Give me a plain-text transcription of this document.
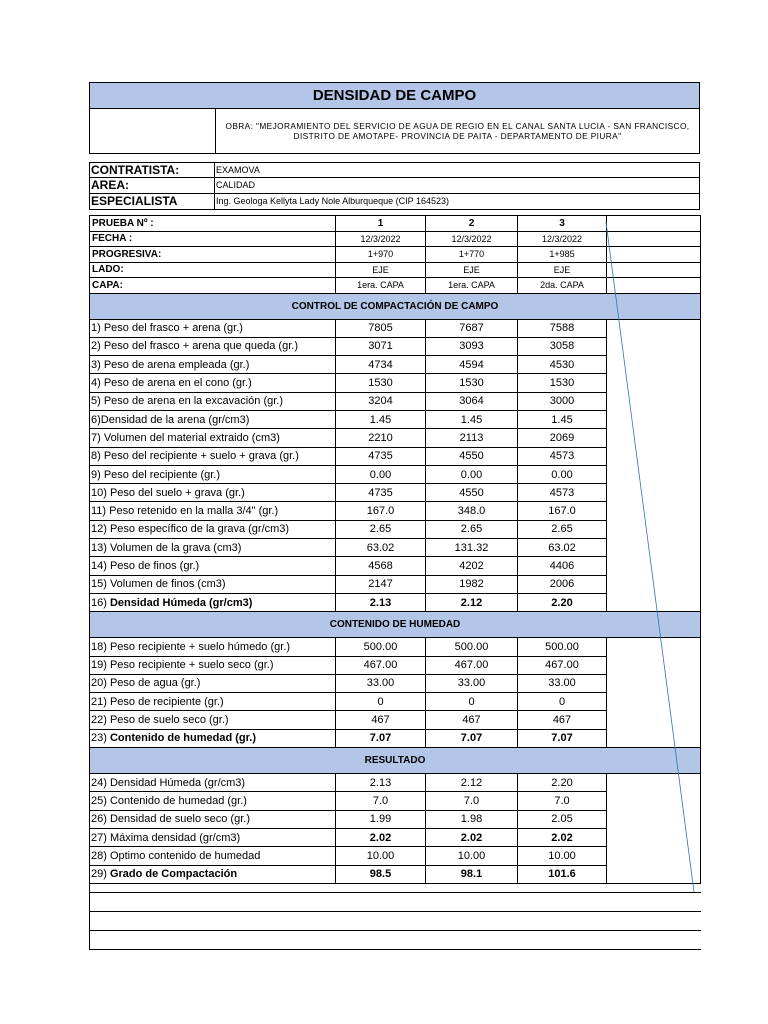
DENSIDAD DE CAMPO
OBRA: "MEJORAMIENTO DEL SERVICIO DE AGUA DE REGIO EN EL CANAL SANTA LUCIA - SAN FRANCISCO, DISTRITO DE AMOTAPE- PROVINCIA DE PAITA - DEPARTAMENTO DE PIURA"
CONTRATISTA:	EXAMOVA
AREA:	CALIDAD
ESPECIALISTA	Ing. Geologa Kellyta Lady Nole Alburqueque (CIP 164523)
PRUEBA Nº :	1	2	3	
FECHA :	12/3/2022	12/3/2022	12/3/2022	
PROGRESIVA:	1+970	1+770	1+985	
LADO:	EJE	EJE	EJE	
CAPA:	1era. CAPA	1era. CAPA	2da. CAPA	
CONTROL DE COMPACTACIÓN DE CAMPO				
1) Peso del frasco + arena (gr.)	7805	7687	7588	
2) Peso del frasco + arena que queda (gr.)	3071	3093	3058	
3) Peso de arena empleada (gr.)	4734	4594	4530	
4) Peso de arena en el cono (gr.)	1530	1530	1530	
5) Peso de arena en la excavación (gr.)	3204	3064	3000	
6)Densidad de la arena (gr/cm3)	1.45	1.45	1.45	
7) Volumen del material extraido (cm3)	2210	2113	2069	
8) Peso del recipiente + suelo + grava (gr.)	4735	4550	4573	
9) Peso del recipiente (gr.)	0.00	0.00	0.00	
10) Peso del suelo + grava (gr.)	4735	4550	4573	
11) Peso retenido en la malla 3/4" (gr.)	167.0	348.0	167.0	
12) Peso específico de la grava (gr/cm3)	2.65	2.65	2.65	
13) Volumen de la grava (cm3)	63.02	131.32	63.02	
14) Peso de finos (gr.)	4568	4202	4406	
15) Volumen de finos (cm3)	2147	1982	2006	
16) Densidad Húmeda (gr/cm3)	2.13	2.12	2.20	
CONTENIDO DE HUMEDAD				
18) Peso recipiente + suelo húmedo (gr.)	500.00	500.00	500.00	
19) Peso recipiente + suelo seco (gr.)	467.00	467.00	467.00	
20) Peso de agua (gr.)	33.00	33.00	33.00	
21) Peso de recipiente (gr.)	0	0	0	
22) Peso de suelo seco (gr.)	467	467	467	
23) Contenido de humedad (gr.)	7.07	7.07	7.07	
RESULTADO				
24) Densidad Húmeda (gr/cm3)	2.13	2.12	2.20	
25) Contenido de humedad (gr.)	7.0	7.0	7.0	
26) Densidad de suelo seco (gr.)	1.99	1.98	2.05	
27) Máxima densidad (gr/cm3)	2.02	2.02	2.02	
28) Optimo contenido de humedad	10.00	10.00	10.00	
29) Grado de Compactación	98.5	98.1	101.6	
